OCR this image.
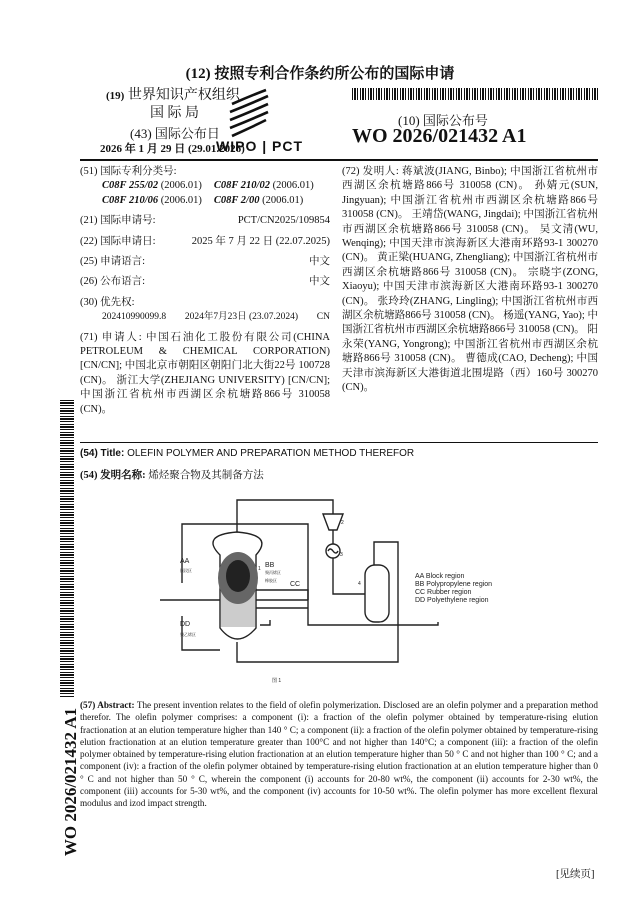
(12) 按照专利合作条约所公布的国际申请
(19) 世界知识产权组织
国 际 局
(43) 国际公布日
2026 年 1 月 29 日 (29.01.2026)
WIPO | PCT
(10) 国际公布号
WO 2026/021432 A1
(51) 国际专利分类号:
C08F 255/02 (2006.01) C08F 210/02 (2006.01)
C08F 210/06 (2006.01) C08F 2/00 (2006.01)
(21) 国际申请号:	PCT/CN2025/109854
(22) 国际申请日:	2025 年 7 月 22 日 (22.07.2025)
(25) 申请语言:	中文
(26) 公布语言:	中文
(30) 优先权:
202410990099.8 2024年7月23日 (23.07.2024) CN
(71) 申请人: 中国石油化工股份有限公司(CHINA PETROLEUM & CHEMICAL CORPORATION) [CN/CN]; 中国北京市朝阳区朝阳门北大街22号 100728 (CN)。 浙江大学(ZHEJIANG UNIVERSITY) [CN/CN]; 中国浙江省杭州市西湖区余杭塘路866号 310058 (CN)。
(72) 发明人: 蒋斌波(JIANG, Binbo); 中国浙江省杭州市西湖区余杭塘路866号 310058 (CN)。 孙婧元(SUN, Jingyuan); 中国浙江省杭州市西湖区余杭塘路866号 310058 (CN)。 王靖岱(WANG, Jingdai); 中国浙江省杭州市西湖区余杭塘路866号 310058 (CN)。 吴文清(WU, Wenqing); 中国天津市滨海新区大港南环路93-1 300270 (CN)。 黄正梁(HUANG, Zhengliang); 中国浙江省杭州市西湖区余杭塘路866号 310058 (CN)。 宗晓宇(ZONG, Xiaoyu); 中国天津市滨海新区大港南环路93-1 300270 (CN)。 张玲玲(ZHANG, Lingling); 中国浙江省杭州市西湖区余杭塘路866号 310058 (CN)。 杨遥(YANG, Yao); 中国浙江省杭州市西湖区余杭塘路866号 310058 (CN)。 阳永荣(YANG, Yongrong); 中国浙江省杭州市西湖区余杭塘路866号 310058 (CN)。 曹德成(CAO, Decheng); 中国天津市滨海新区大港街道北围堤路（西）160号 300270 (CN)。
(54) Title: OLEFIN POLYMER AND PREPARATION METHOD THEREFOR
(54) 发明名称: 烯烃聚合物及其制备方法
AA
嵌段区
BB
聚丙烯区
橡胶区
CC
DD
聚乙烯区
1
2
3
4
AA Block region
BB Polypropylene region
CC Rubber region
DD Polyethylene region
图 1
(57) Abstract: The present invention relates to the field of olefin polymerization. Disclosed are an olefin polymer and a preparation method therefor. The olefin polymer comprises: a component (i): a fraction of the olefin polymer obtained by temperature-rising elution fractionation at an elution temperature higher than 140 ° C; a component (ii): a fraction of the olefin polymer obtained by temperature-rising elution fractionation at an elution temperature greater than 100°C and not higher than 140°C; a component (iii): a fraction of the olefin polymer obtained by temperature-rising elution fractionation at an elution temperature higher than 50 ° C and not higher than 100 ° C; and a component (iv): a fraction of the olefin polymer obtained by temperature-rising elution fractionation at an elution temperature higher than 0 ° C and not higher than 50 ° C, wherein the component (i) accounts for 20-80 wt%, the component (ii) accounts for 2-30 wt%, the component (iii) accounts for 5-30 wt%, and the component (iv) accounts for 10-50 wt%. The olefin polymer has more excellent flexural modulus and izod impact strength.
WO 2026/021432 A1
[见续页]
